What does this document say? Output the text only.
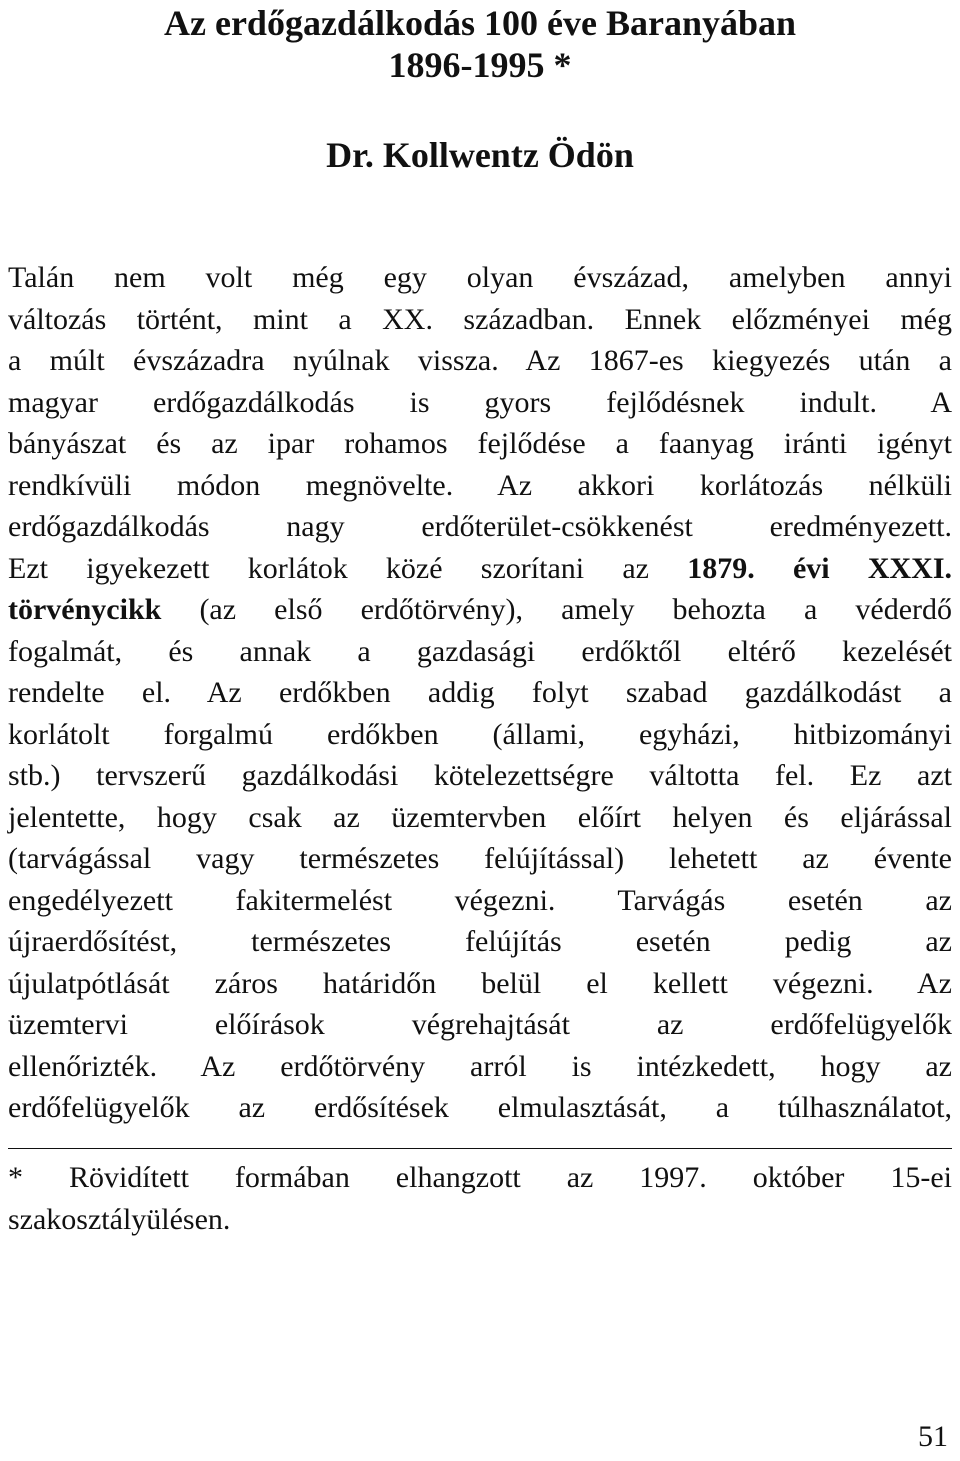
Az erdőgazdálkodás 100 éve Baranyában
1896-1995 *
Dr. Kollwentz Ödön
Talán nem volt még egy olyan évszázad, amelyben annyi
változás történt, mint a XX. században. Ennek előzményei még
a múlt évszázadra nyúlnak vissza. Az 1867-es kiegyezés után a
magyar erdőgazdálkodás is gyors fejlődésnek indult. A
bányászat és az ipar rohamos fejlődése a faanyag iránti igényt
rendkívüli módon megnövelte. Az akkori korlátozás nélküli
erdőgazdálkodás nagy erdőterület-csökkenést eredményezett.
Ezt igyekezett korlátok közé szorítani az 1879. évi XXXI.
törvénycikk (az első erdőtörvény), amely behozta a véderdő
fogalmát, és annak a gazdasági erdőktől eltérő kezelését
rendelte el. Az erdőkben addig folyt szabad gazdálkodást a
korlátolt forgalmú erdőkben (állami, egyházi, hitbizományi
stb.) tervszerű gazdálkodási kötelezettségre váltotta fel. Ez azt
jelentette, hogy csak az üzemtervben előírt helyen és eljárással
(tarvágással vagy természetes felújítással) lehetett az évente
engedélyezett fakitermelést végezni. Tarvágás esetén az
újraerdősítést, természetes felújítás esetén pedig az
újulatpótlását záros határidőn belül el kellett végezni. Az
üzemtervi előírások végrehajtását az erdőfelügyelők
ellenőrizték. Az erdőtörvény arról is intézkedett, hogy az
erdőfelügyelők az erdősítések elmulasztását, a túlhasználatot,
* Rövidített formában elhangzott az 1997. október 15-ei
szakosztályülésen.
51
